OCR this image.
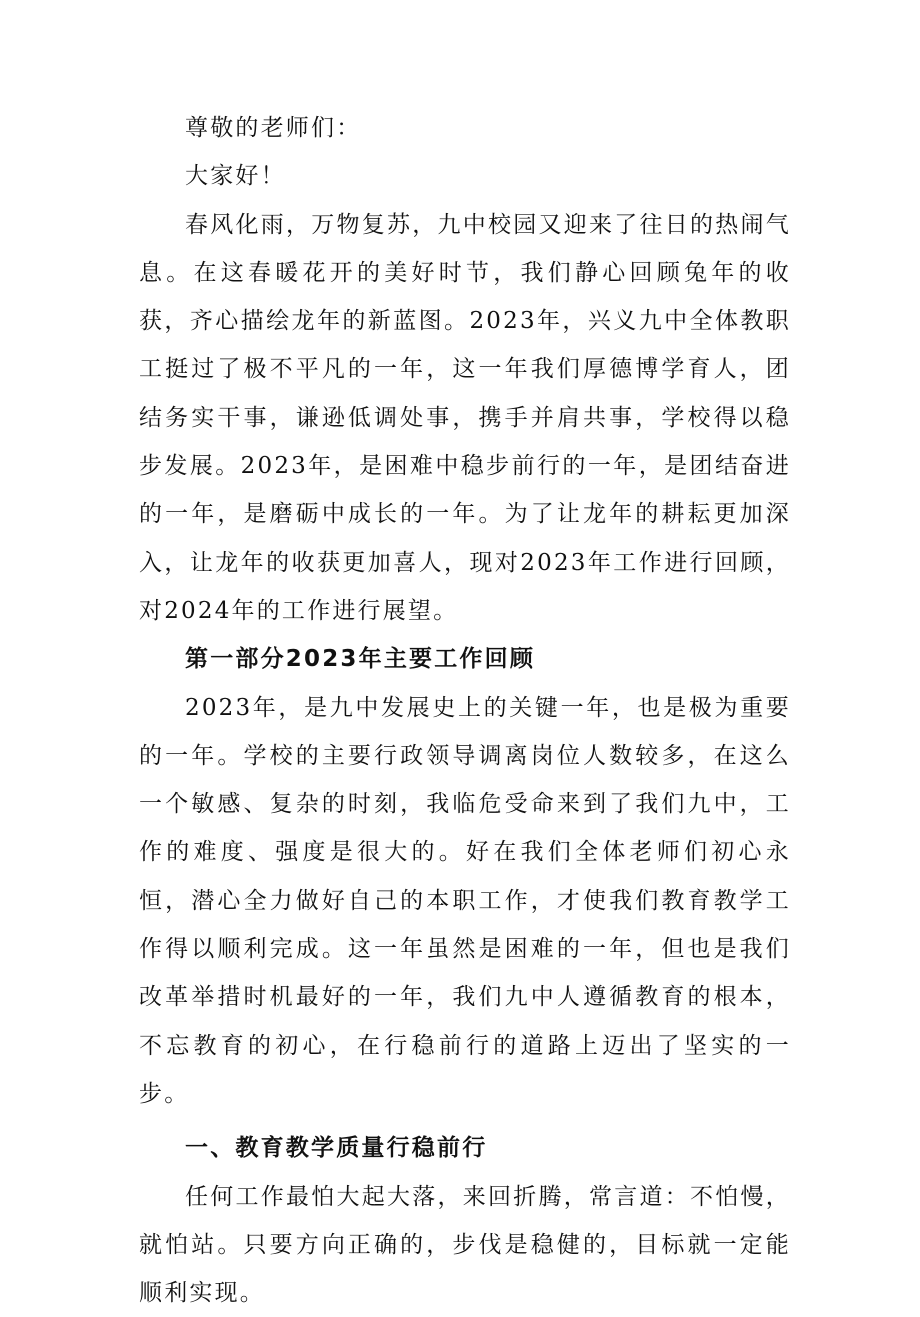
尊敬的老师们：

大家好！

春风化雨，万物复苏，九中校园又迎来了往日的热闹气息。在这春暖花开的美好时节，我们静心回顾兔年的收获，齐心描绘龙年的新蓝图。2023年，兴义九中全体教职工挺过了极不平凡的一年，这一年我们厚德博学育人，团结务实干事，谦逊低调处事，携手并肩共事，学校得以稳步发展。2023年，是困难中稳步前行的一年，是团结奋进的一年，是磨砺中成长的一年。为了让龙年的耕耘更加深入，让龙年的收获更加喜人，现对2023年工作进行回顾，对2024年的工作进行展望。

第一部分2023年主要工作回顾

2023年，是九中发展史上的关键一年，也是极为重要的一年。学校的主要行政领导调离岗位人数较多，在这么一个敏感、复杂的时刻，我临危受命来到了我们九中，工作的难度、强度是很大的。好在我们全体老师们初心永恒，潜心全力做好自己的本职工作，才使我们教育教学工作得以顺利完成。这一年虽然是困难的一年，但也是我们改革举措时机最好的一年，我们九中人遵循教育的根本，不忘教育的初心，在行稳前行的道路上迈出了坚实的一步。

一、教育教学质量行稳前行

任何工作最怕大起大落，来回折腾，常言道：不怕慢，就怕站。只要方向正确的，步伐是稳健的，目标就一定能顺利实现。
